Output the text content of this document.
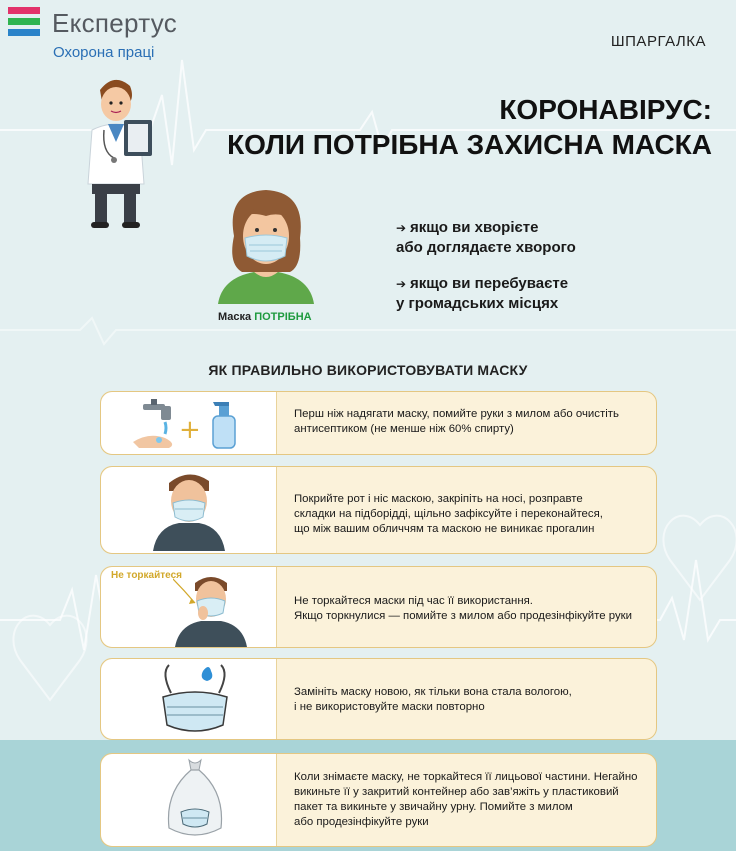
Експертус
Охорона праці
ШПАРГАЛКА
КОРОНАВІРУС:
КОЛИ ПОТРІБНА ЗАХИСНА МАСКА
Маска ПОТРІБНА
➔ якщо ви хворієте
або доглядаєте хворого
➔ якщо ви перебуваєте
у громадських місцях
ЯК ПРАВИЛЬНО ВИКОРИСТОВУВАТИ МАСКУ
+
Перш ніж надягати маску, помийте руки з милом або очистіть
антисептиком (не менше ніж 60% спирту)
Покрийте рот і ніс маскою, закріпіть на носі, розправте
складки на підборідді, щільно зафіксуйте і переконайтеся,
що між вашим обличчям та маскою не виникає прогалин
Не торкайтеся
Не торкайтеся маски під час її використання.
Якщо торкнулися — помийте з милом або продезінфікуйте руки
Замініть маску новою, як тільки вона стала вологою,
і не використовуйте маски повторно
Коли знімаєте маску, не торкайтеся її лицьової частини. Негайно
викиньте її у закритий контейнер або зав’яжіть у пластиковий
пакет та викиньте у звичайну урну. Помийте з милом
або продезінфікуйте руки
